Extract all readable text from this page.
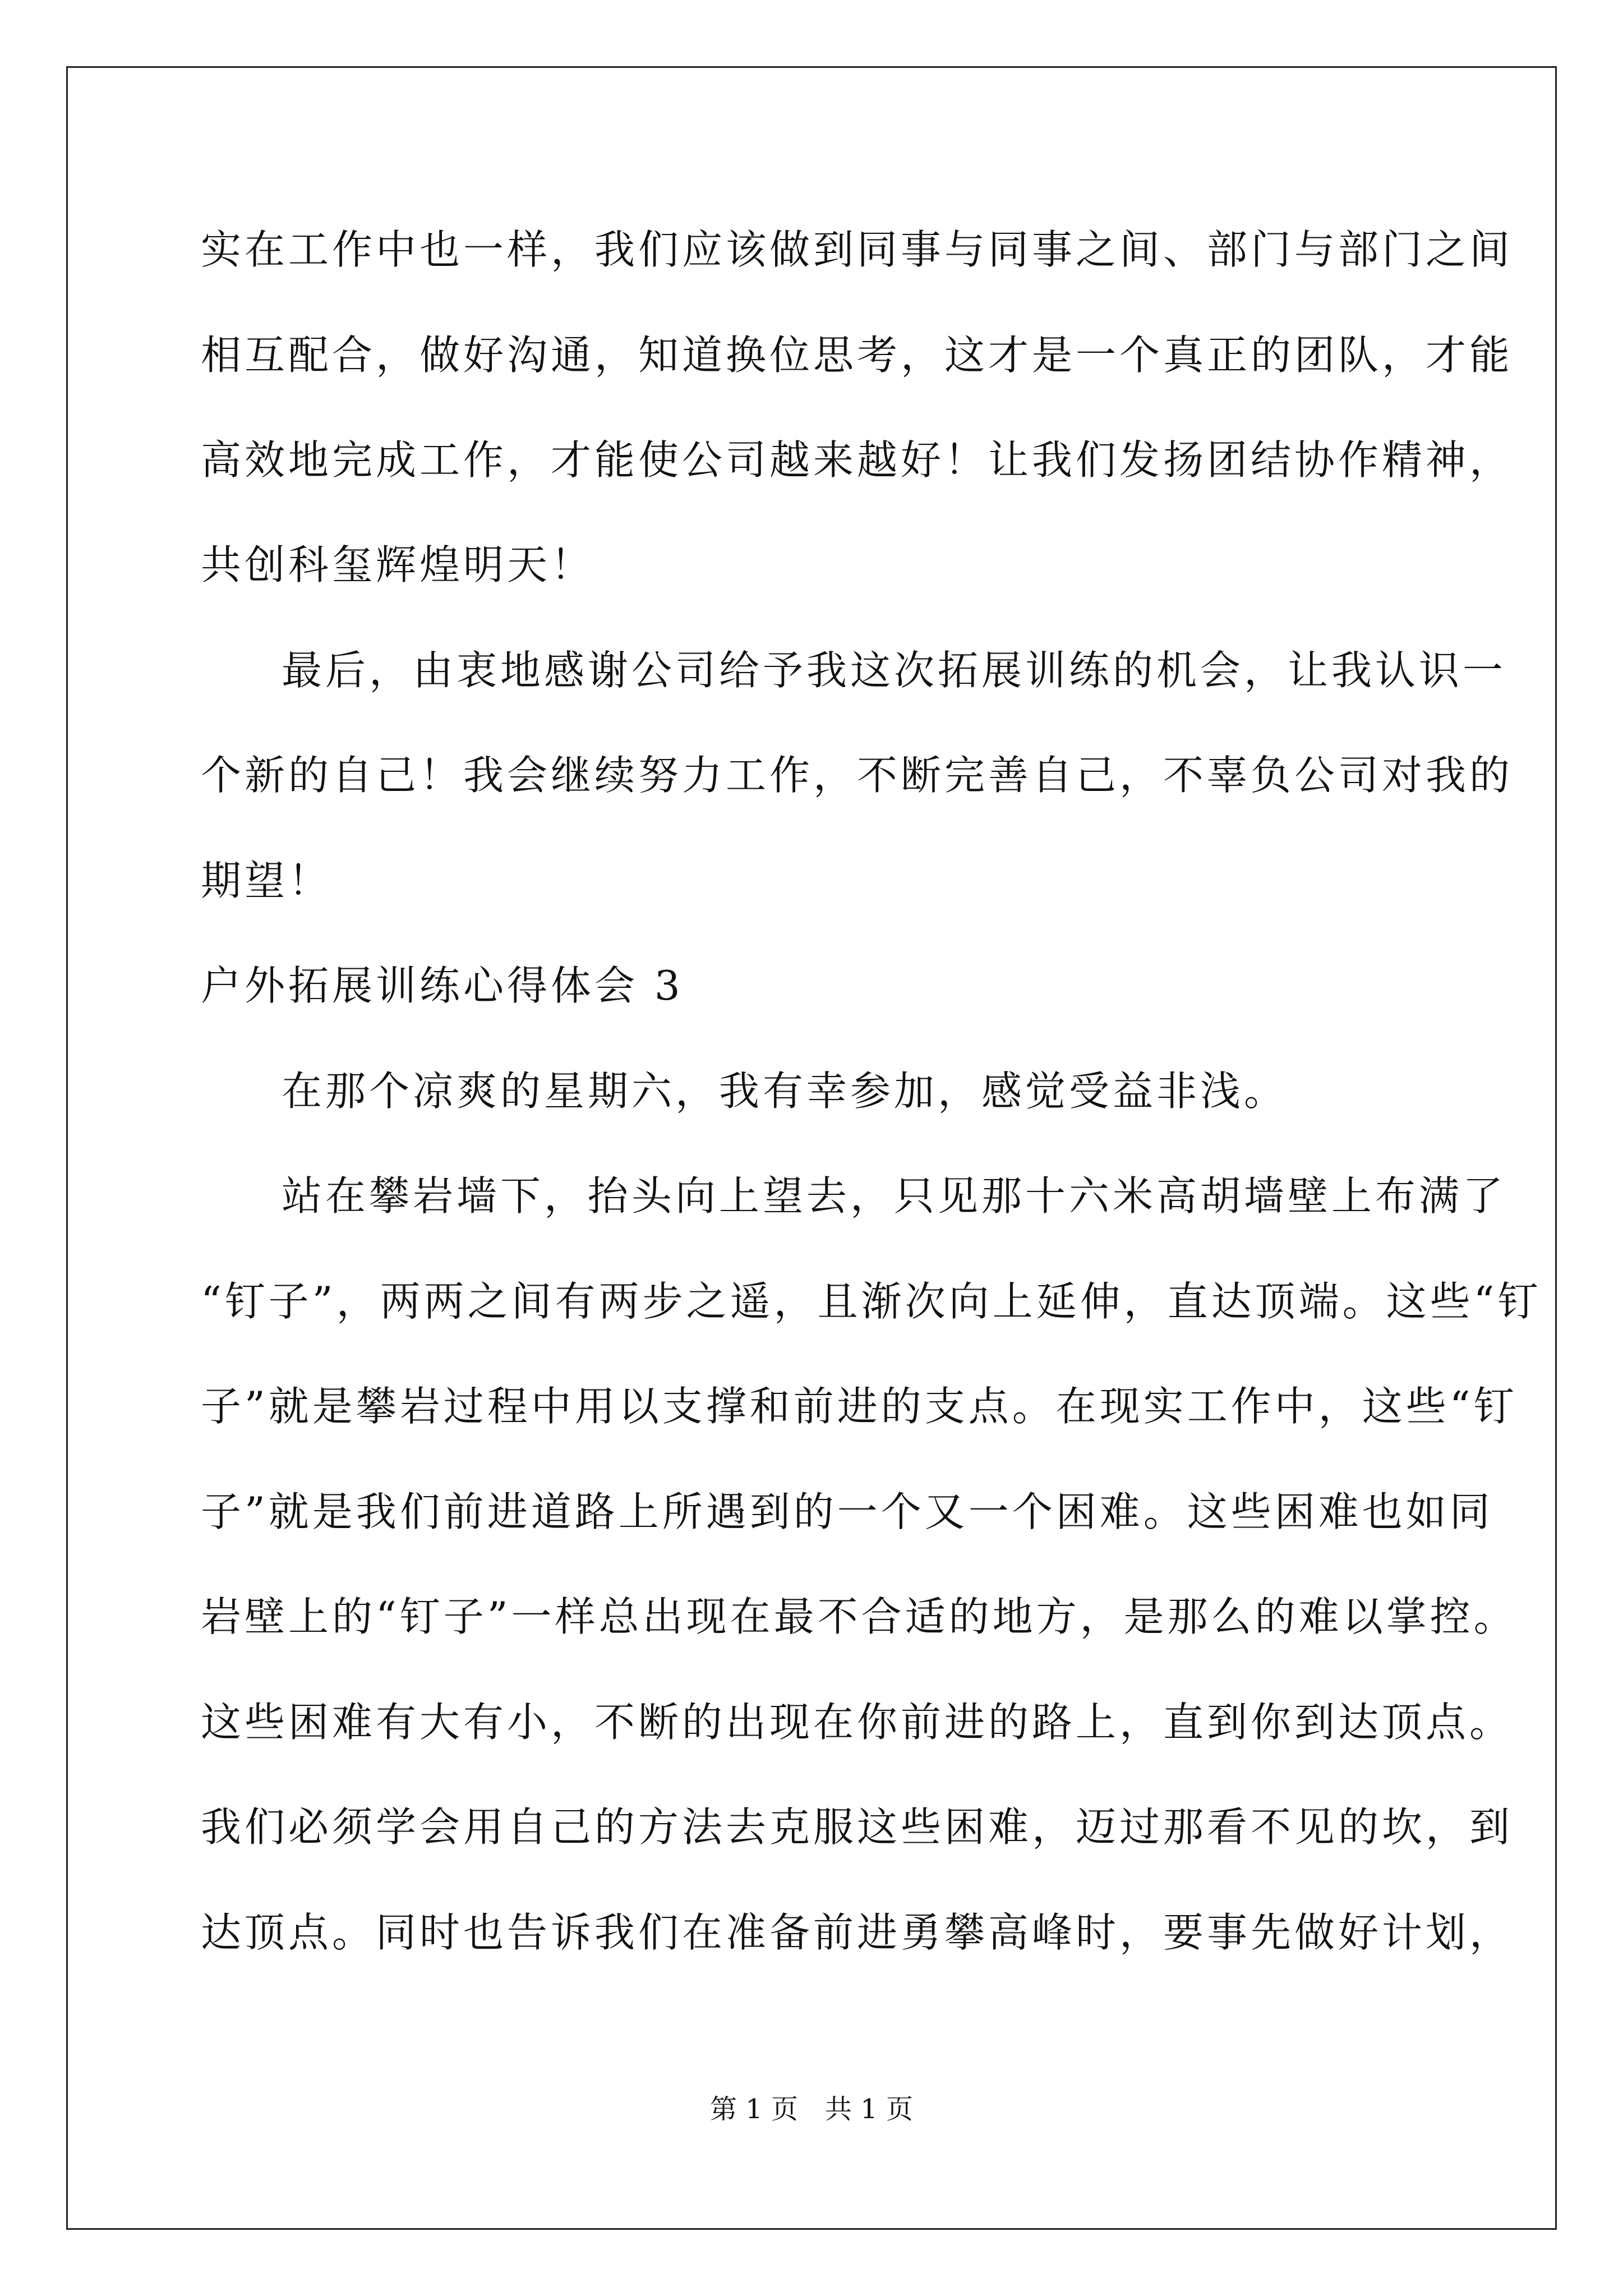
实在工作中也一样，我们应该做到同事与同事之间、部门与部门之间
相互配合，做好沟通，知道换位思考，这才是一个真正的团队，才能
高效地完成工作，才能使公司越来越好！让我们发扬团结协作精神，
共创科玺辉煌明天！
最后，由衷地感谢公司给予我这次拓展训练的机会，让我认识一
个新的自己！我会继续努力工作，不断完善自己，不辜负公司对我的
期望！
户外拓展训练心得体会 3
在那个凉爽的星期六，我有幸参加，感觉受益非浅。
站在攀岩墙下，抬头向上望去，只见那十六米高胡墙壁上布满了
“钉子”，两两之间有两步之遥，且渐次向上延伸，直达顶端。这些“钉
子”就是攀岩过程中用以支撑和前进的支点。在现实工作中，这些“钉
子”就是我们前进道路上所遇到的一个又一个困难。这些困难也如同
岩壁上的“钉子”一样总出现在最不合适的地方，是那么的难以掌控。
这些困难有大有小，不断的出现在你前进的路上，直到你到达顶点。
我们必须学会用自己的方法去克服这些困难，迈过那看不见的坎，到
达顶点。同时也告诉我们在准备前进勇攀高峰时，要事先做好计划，
第 1 页　共 1 页
